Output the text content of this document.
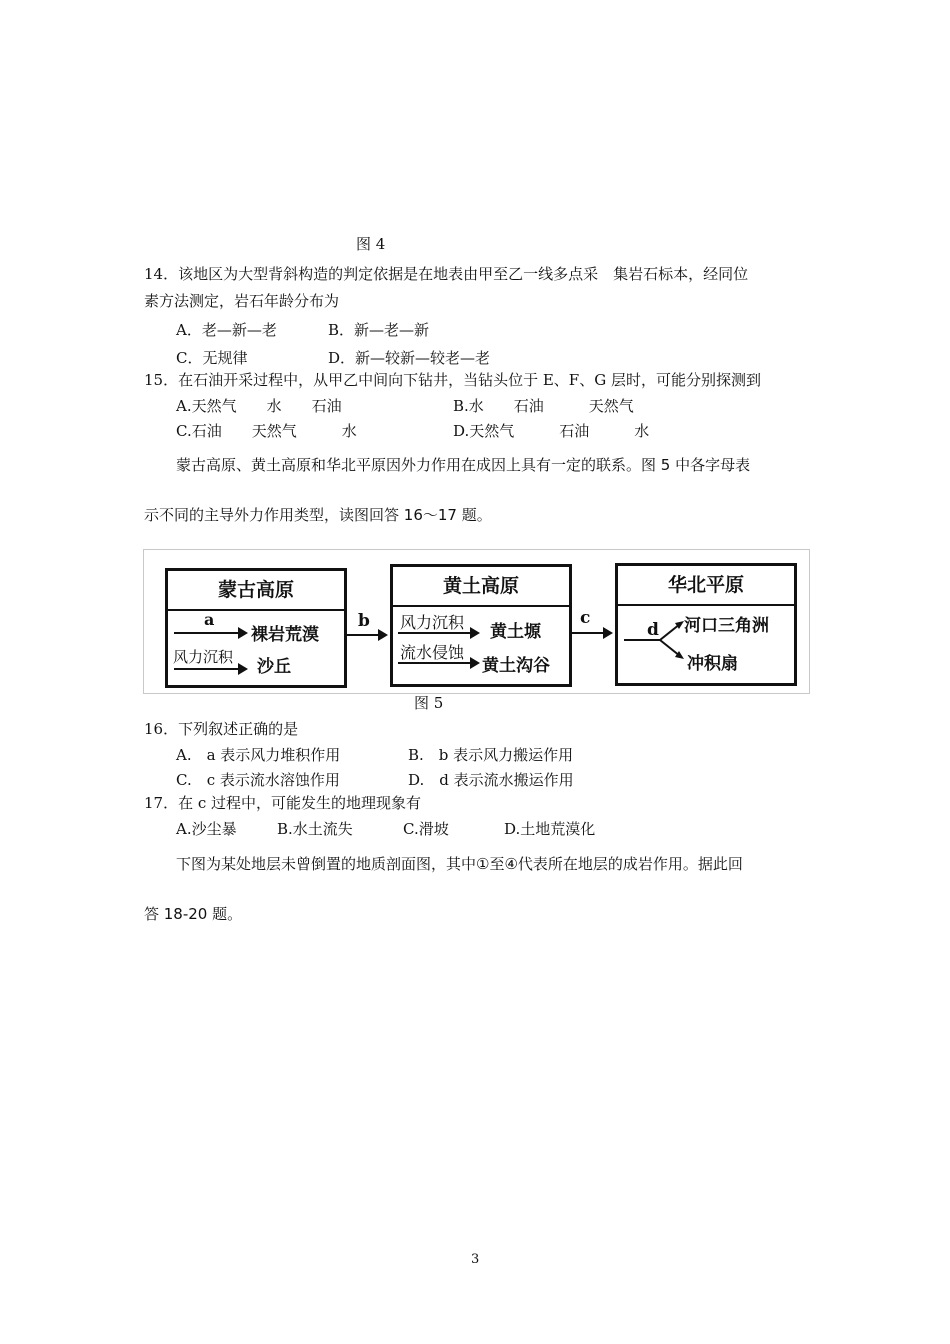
图 4
14．该地区为大型背斜构造的判定依据是在地表由甲至乙一线多点采　集岩石标本，经同位
素方法测定，岩石年龄分布为
A．老—新—老	B．新—老—新
C．无规律	D．新—较新—较老—老
15．在石油开采过程中，从甲乙中间向下钻井，当钻头位于 E、F、G 层时，可能分别探测到
A.天然气　　水　　石油	B.水　　石油　　　天然气
C.石油　　天然气　　　水	D.天然气　　　石油　　　水
蒙古高原、黄土高原和华北平原因外力作用在成因上具有一定的联系。图 5 中各字母表
示不同的主导外力作用类型，读图回答 16～17 题。
蒙古高原
a
裸岩荒漠
风力沉积 沙丘
b
黄土高原
风力沉积 黄土塬
流水侵蚀
黄土沟谷
c
华北平原
d 河口三角洲
冲积扇
图 5
16．下列叙述正确的是
A.　a 表示风力堆积作用	B.　b 表示风力搬运作用
C.　c 表示流水溶蚀作用	D.　d 表示流水搬运作用
17．在 c 过程中，可能发生的地理现象有
A.沙尘暴	B.水土流失	C.滑坡	D.土地荒漠化
下图为某处地层未曾倒置的地质剖面图，其中①至④代表所在地层的成岩作用。据此回
答 18-20 题。
3
